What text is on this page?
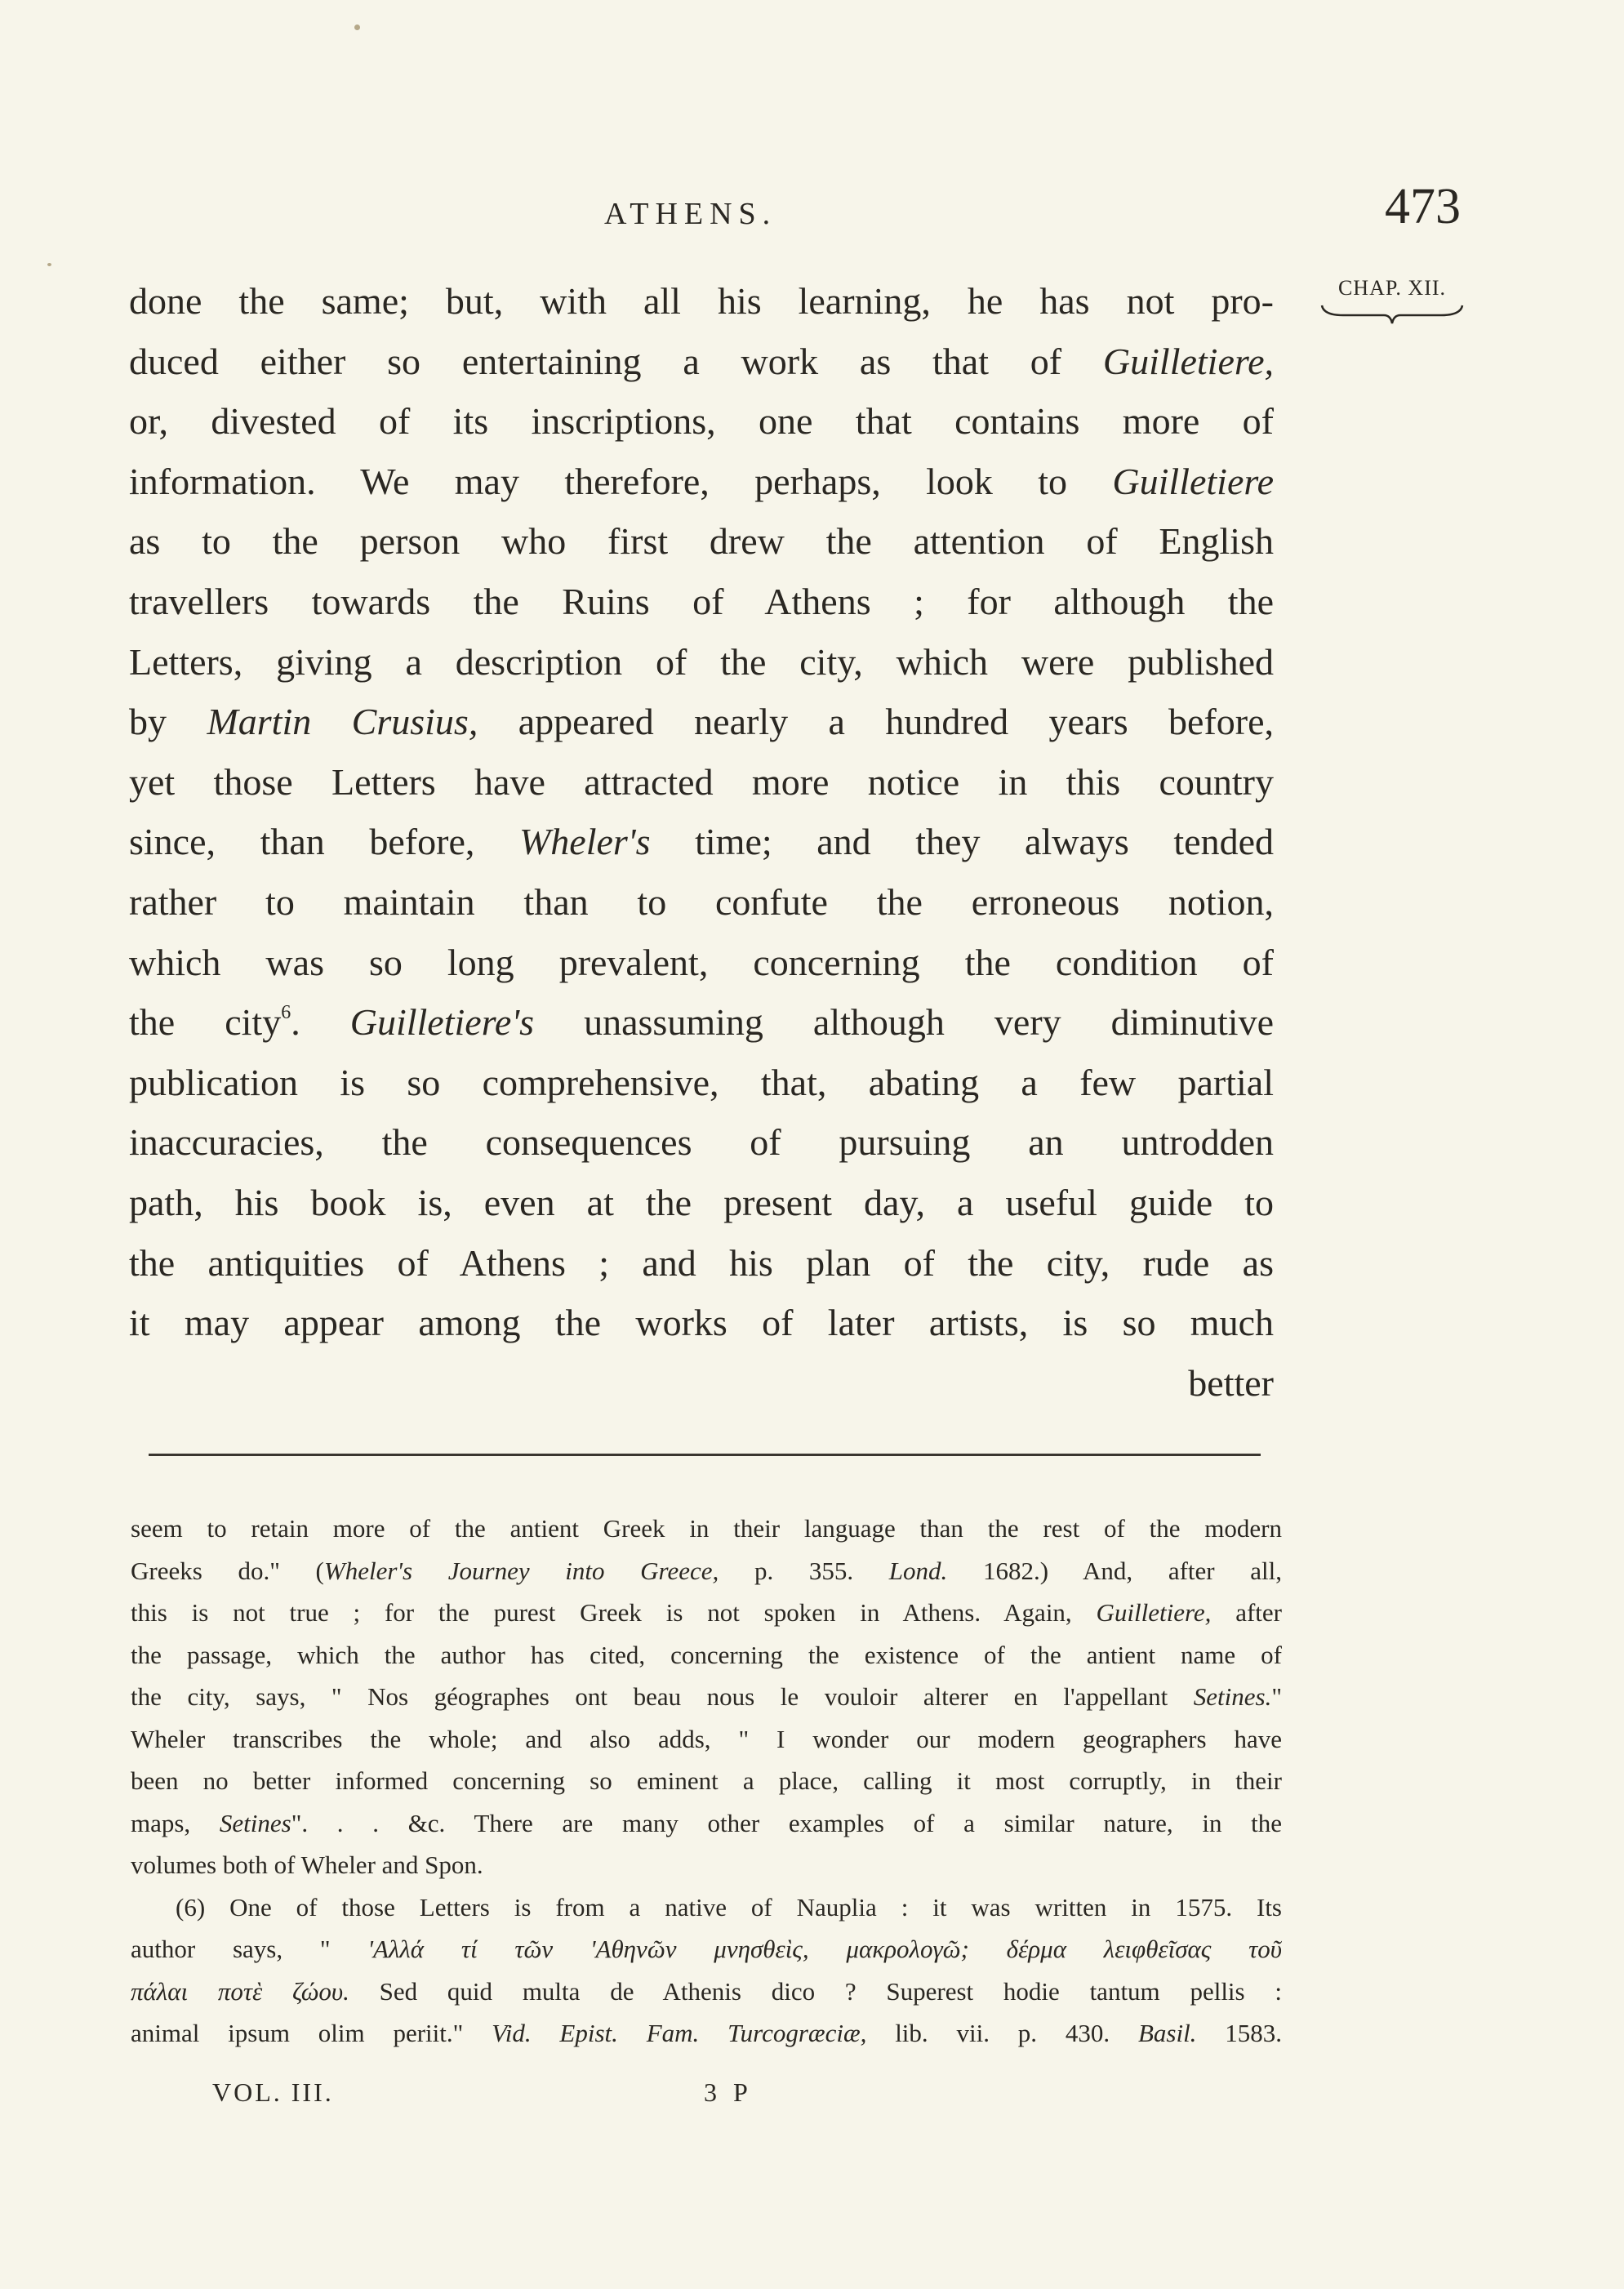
ATHENS.	473
CHAP. XII.
done the same; but, with all his learning, he has not pro-
duced either so entertaining a work as that of Guilletiere,
or, divested of its inscriptions, one that contains more of
information. We may therefore, perhaps, look to Guilletiere
as to the person who first drew the attention of English
travellers towards the Ruins of Athens ; for although the
Letters, giving a description of the city, which were published
by Martin Crusius, appeared nearly a hundred years before,
yet those Letters have attracted more notice in this country
since, than before, Wheler's time; and they always tended
rather to maintain than to confute the erroneous notion,
which was so long prevalent, concerning the condition of
the city$^6$. Guilletiere's unassuming although very diminutive
publication is so comprehensive, that, abating a few partial
inaccuracies, the consequences of pursuing an untrodden
path, his book is, even at the present day, a useful guide to
the antiquities of Athens ; and his plan of the city, rude as
it may appear among the works of later artists, is so much
better
seem to retain more of the antient Greek in their language than the rest of the modern
Greeks do." (Wheler's Journey into Greece, p. 355. Lond. 1682.) And, after all,
this is not true ; for the purest Greek is not spoken in Athens. Again, Guilletiere, after
the passage, which the author has cited, concerning the existence of the antient name of
the city, says, " Nos géographes ont beau nous le vouloir alterer en l'appellant Setines."
Wheler transcribes the whole; and also adds, " I wonder our modern geographers have
been no better informed concerning so eminent a place, calling it most corruptly, in their
maps, Setines". . . &c. There are many other examples of a similar nature, in the
volumes both of Wheler and Spon.
(6) One of those Letters is from a native of Nauplia : it was written in 1575. Its
author says, " 'Αλλά τί τῶν 'Αθηνῶν μνησθεὶς, μακρολογῶ; δέρμα λειφθεῖσας τοῦ
πάλαι ποτὲ ζώου. Sed quid multa de Athenis dico ? Superest hodie tantum pellis :
animal ipsum olim periit." Vid. Epist. Fam. Turcogræciæ, lib. vii. p. 430. Basil. 1583.
VOL. III.	3 P
